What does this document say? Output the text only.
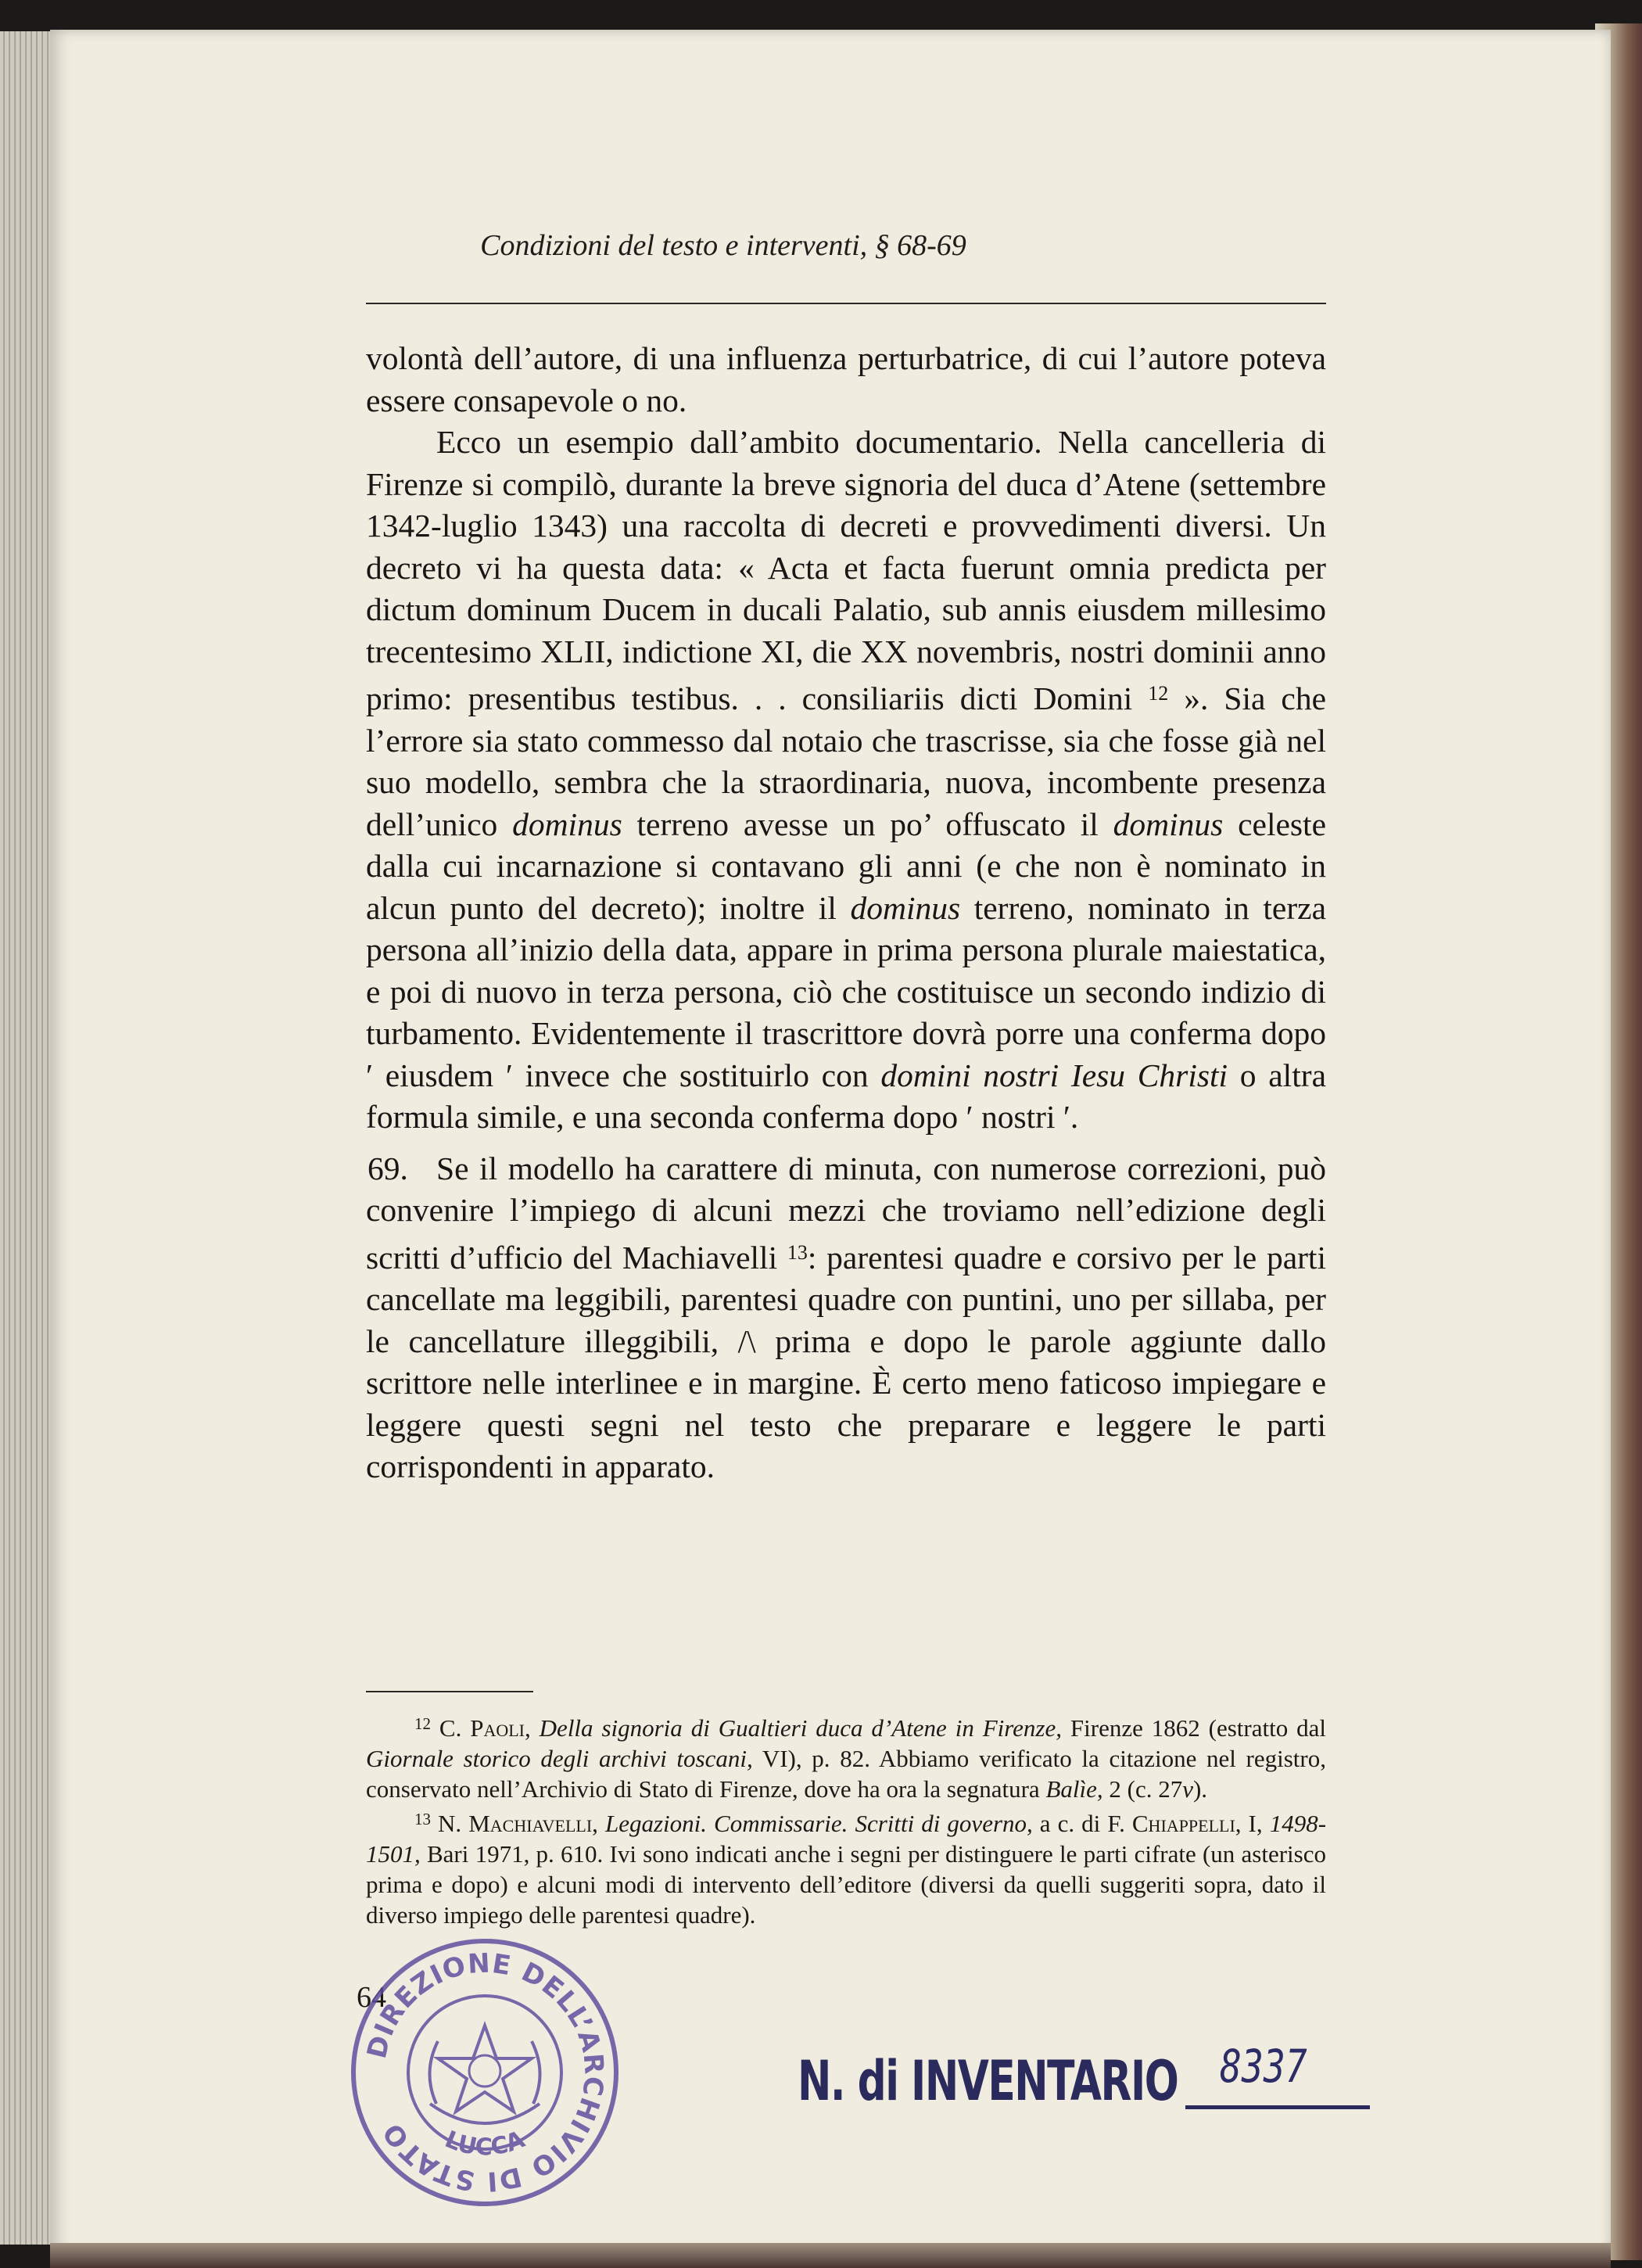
Condizioni del testo e interventi, § 68-69

volontà dell’autore, di una influenza perturbatrice, di cui l’autore poteva essere consapevole o no.

Ecco un esempio dall’ambito documentario. Nella cancelleria di Firenze si compilò, durante la breve signoria del duca d’Atene (settembre 1342-luglio 1343) una raccolta di decreti e provvedimenti diversi. Un decreto vi ha questa data: « Acta et facta fuerunt omnia predicta per dictum dominum Ducem in ducali Palatio, sub annis eiusdem millesimo trecentesimo XLII, indictione XI, die XX novembris, nostri dominii anno primo: presentibus testibus. . . consiliariis dicti Domini $^{12}$ ». Sia che l’errore sia stato commesso dal notaio che trascrisse, sia che fosse già nel suo modello, sembra che la straordinaria, nuova, incombente presenza dell’unico dominus terreno avesse un po’ offuscato il dominus celeste dalla cui incarnazione si contavano gli anni (e che non è nominato in alcun punto del decreto); inoltre il dominus terreno, nominato in terza persona all’inizio della data, appare in prima persona plurale maiestatica, e poi di nuovo in terza persona, ciò che costituisce un secondo indizio di turbamento. Evidentemente il trascrittore dovrà porre una conferma dopo ′ eiusdem ′ invece che sostituirlo con domini nostri Iesu Christi o altra formula simile, e una seconda conferma dopo ′ nostri ′.

69. Se il modello ha carattere di minuta, con numerose correzioni, può convenire l’impiego di alcuni mezzi che troviamo nell’edizione degli scritti d’ufficio del Machiavelli $^{13}$: parentesi quadre e corsivo per le parti cancellate ma leggibili, parentesi quadre con puntini, uno per sillaba, per le cancellature illeggibili, /\ prima e dopo le parole aggiunte dallo scrittore nelle interlinee e in margine. È certo meno faticoso impiegare e leggere questi segni nel testo che preparare e leggere le parti corrispondenti in apparato.

$^{12}$ C. Paoli, Della signoria di Gualtieri duca d’Atene in Firenze, Firenze 1862 (estratto dal Giornale storico degli archivi toscani, VI), p. 82. Abbiamo verificato la citazione nel registro, conservato nell’Archivio di Stato di Firenze, dove ha ora la segnatura Balìe, 2 (c. 27v).

$^{13}$ N. Machiavelli, Legazioni. Commissarie. Scritti di governo, a c. di F. Chiappelli, I, 1498-1501, Bari 1971, p. 610. Ivi sono indicati anche i segni per distinguere le parti cifrate (un asterisco prima e dopo) e alcuni modi di intervento dell’editore (diversi da quelli suggeriti sopra, dato il diverso impiego delle parentesi quadre).

64
DIREZIONE DELL’ARCHIVIO DI STATO	LUCCA
N. di INVENTARIO 8337
